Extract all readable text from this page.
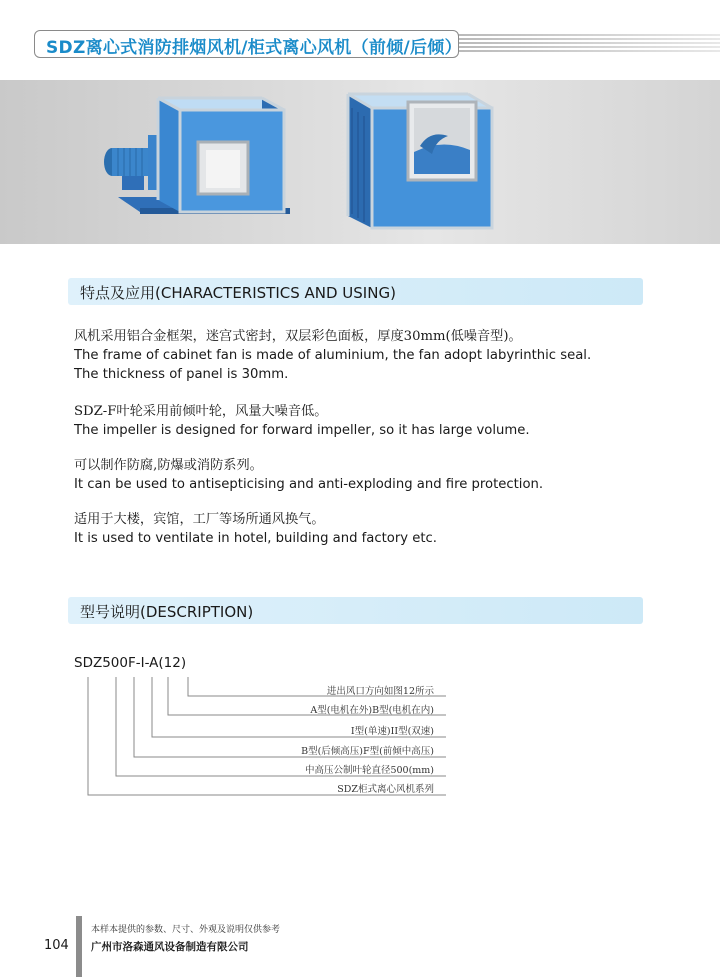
SDZ离心式消防排烟风机/柜式离心风机（前倾/后倾）
特点及应用(CHARACTERISTICS AND USING)
风机采用铝合金框架，迷宫式密封，双层彩色面板，厚度30mm(低噪音型)。
The frame of cabinet fan is made of aluminium, the fan adopt labyrinthic seal.
The thickness of panel is 30mm.
SDZ-F叶轮采用前倾叶轮，风量大噪音低。
The impeller is designed for forward impeller, so it has large volume.
可以制作防腐,防爆或消防系列。
It can be used to antisepticising and anti-exploding and fire protection.
适用于大楼，宾馆，工厂等场所通风换气。
It is used to ventilate in hotel, building and factory etc.
型号说明(DESCRIPTION)
SDZ500F-I-A(12)
进出风口方向如图12所示
A型(电机在外)B型(电机在内)
I型(单速)II型(双速)
B型(后倾高压)F型(前倾中高压)
中高压公制叶轮直径500(mm)
SDZ柜式离心风机系列
104
本样本提供的参数、尺寸、外观及说明仅供参考
广州市洛森通风设备制造有限公司
